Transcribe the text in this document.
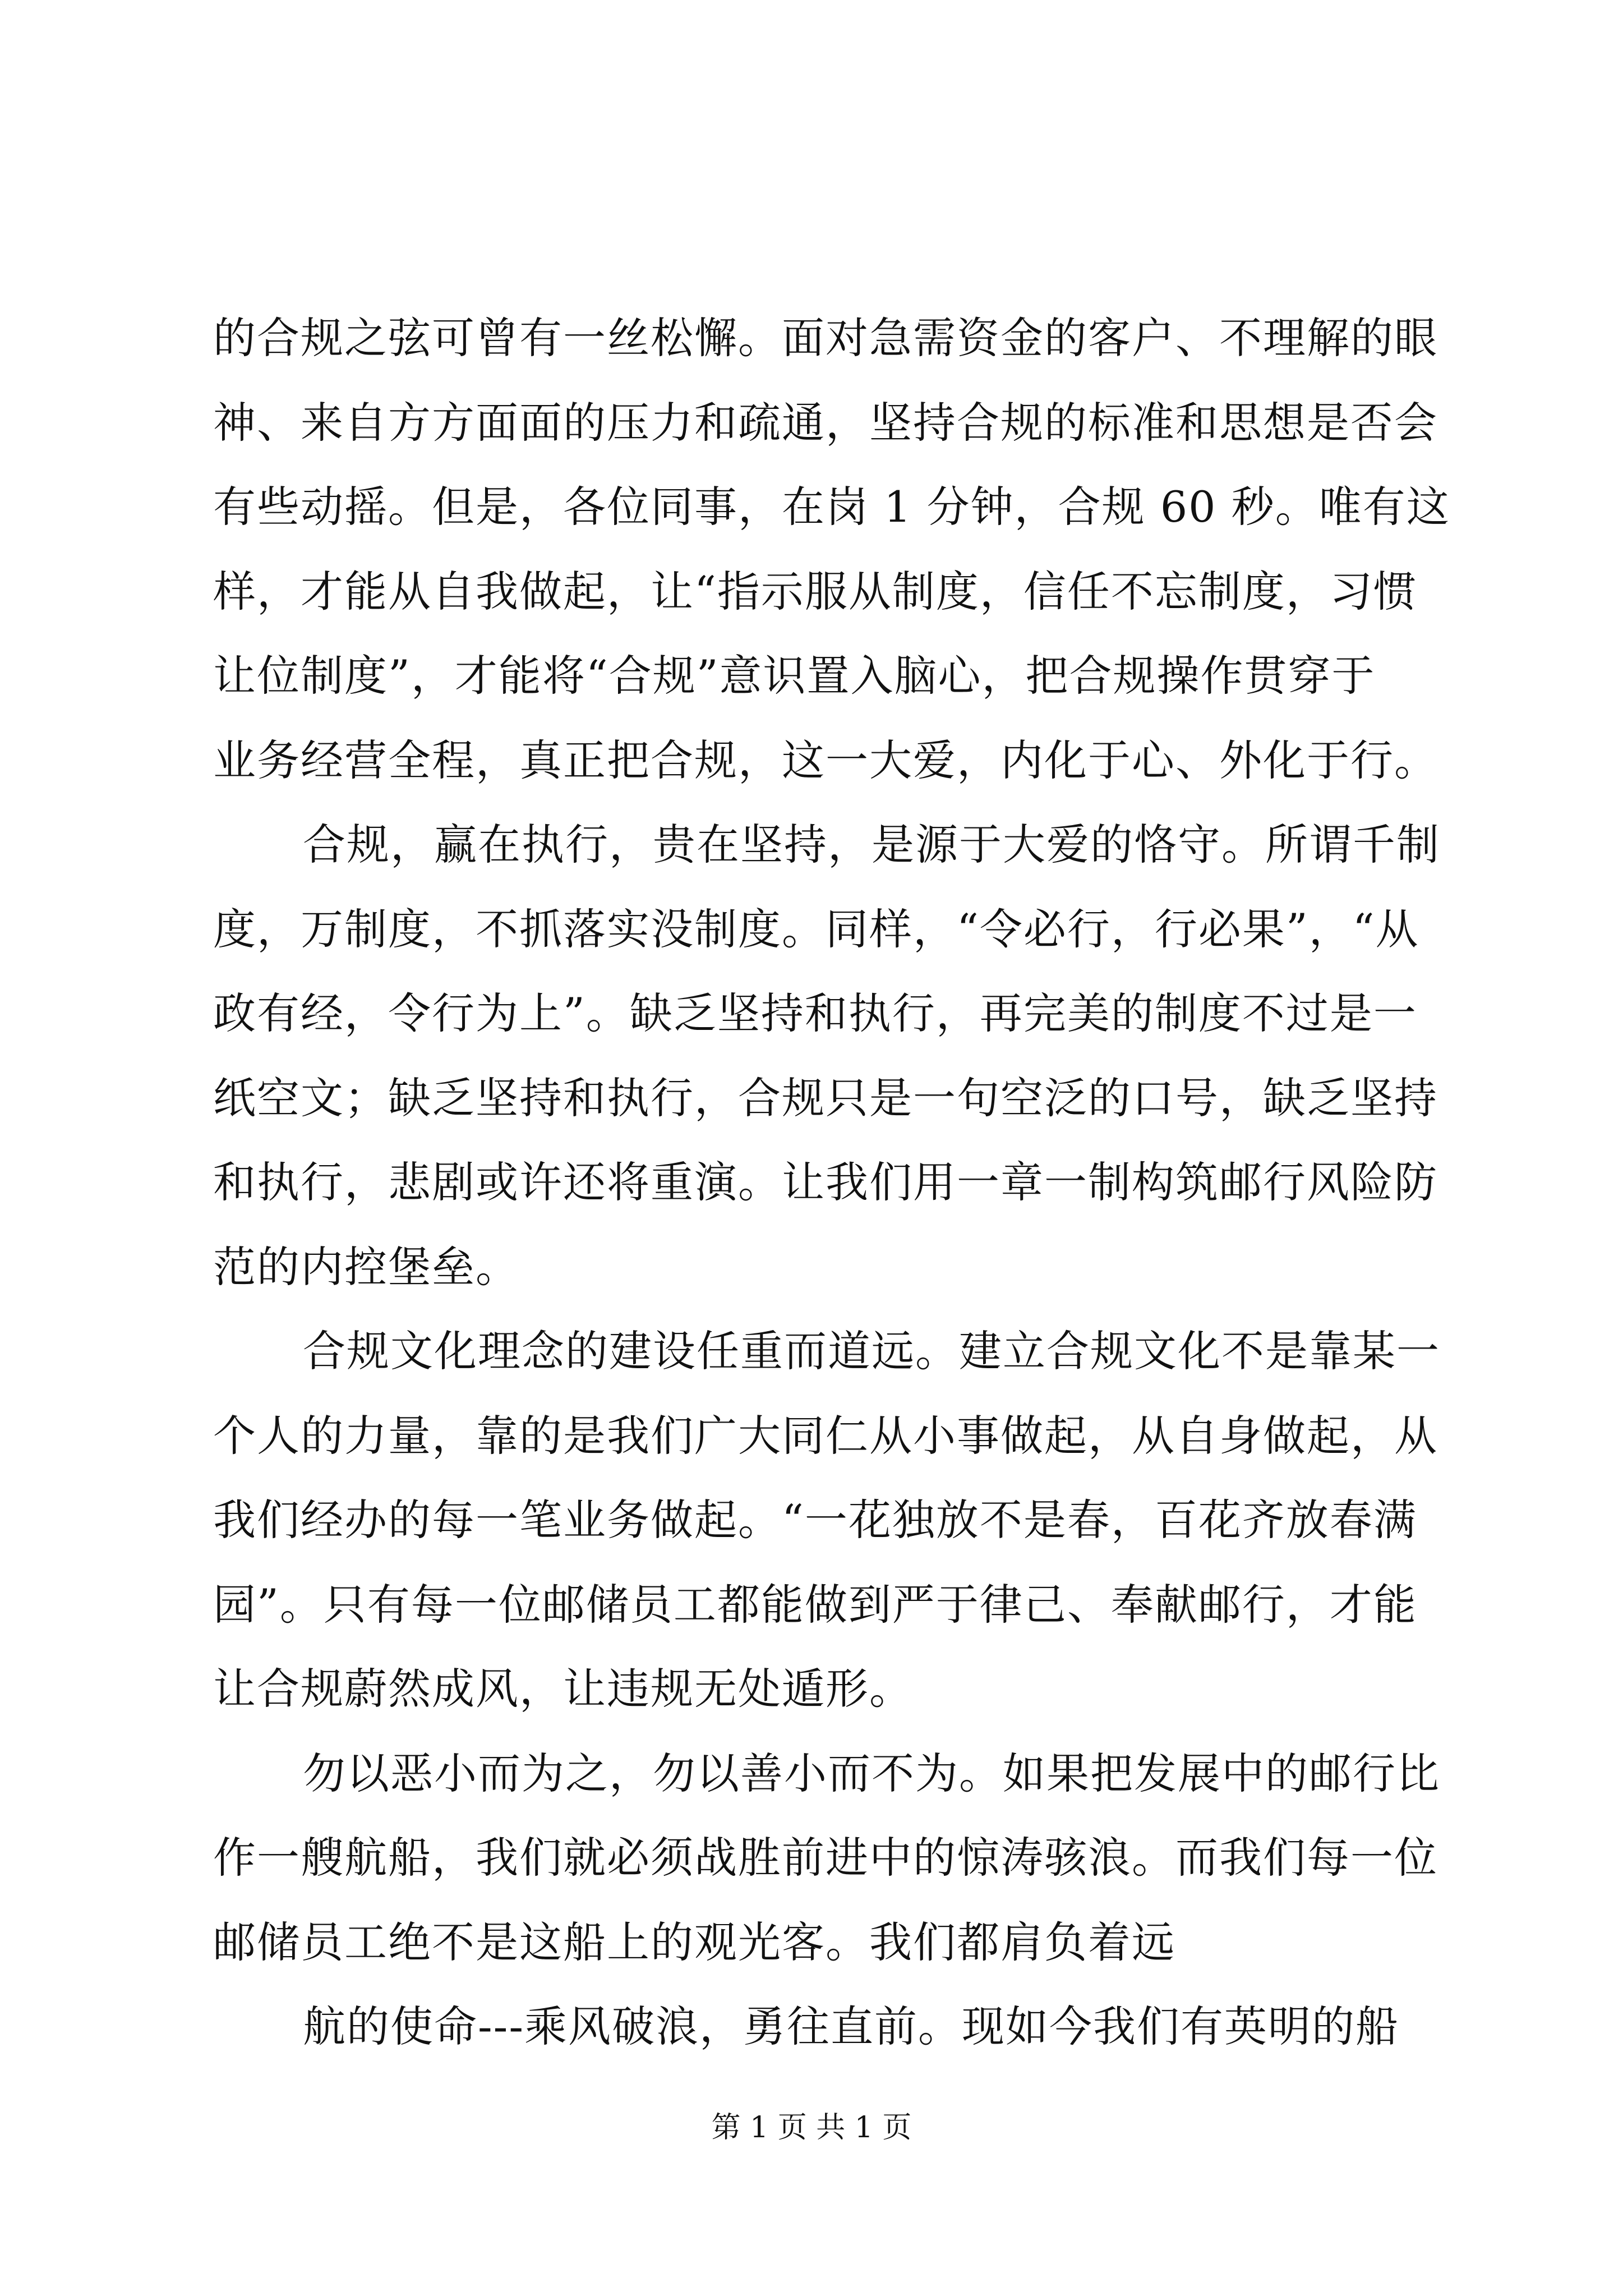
的合规之弦可曾有一丝松懈。面对急需资金的客户、不理解的眼
神、来自方方面面的压力和疏通，坚持合规的标准和思想是否会
有些动摇。但是，各位同事，在岗 1 分钟，合规 60 秒。唯有这
样，才能从自我做起，让“指示服从制度，信任不忘制度，习惯
让位制度”，才能将“合规”意识置入脑心，把合规操作贯穿于
业务经营全程，真正把合规，这一大爱，内化于心、外化于行。
合规，赢在执行，贵在坚持，是源于大爱的恪守。所谓千制
度，万制度，不抓落实没制度。同样，“令必行，行必果”，“从
政有经，令行为上”。缺乏坚持和执行，再完美的制度不过是一
纸空文；缺乏坚持和执行，合规只是一句空泛的口号，缺乏坚持
和执行，悲剧或许还将重演。让我们用一章一制构筑邮行风险防
范的内控堡垒。
合规文化理念的建设任重而道远。建立合规文化不是靠某一
个人的力量，靠的是我们广大同仁从小事做起，从自身做起，从
我们经办的每一笔业务做起。“一花独放不是春，百花齐放春满
园”。只有每一位邮储员工都能做到严于律己、奉献邮行，才能
让合规蔚然成风，让违规无处遁形。
勿以恶小而为之，勿以善小而不为。如果把发展中的邮行比
作一艘航船，我们就必须战胜前进中的惊涛骇浪。而我们每一位
邮储员工绝不是这船上的观光客。我们都肩负着远
航的使命---乘风破浪，勇往直前。现如今我们有英明的船
第 1 页 共 1 页
